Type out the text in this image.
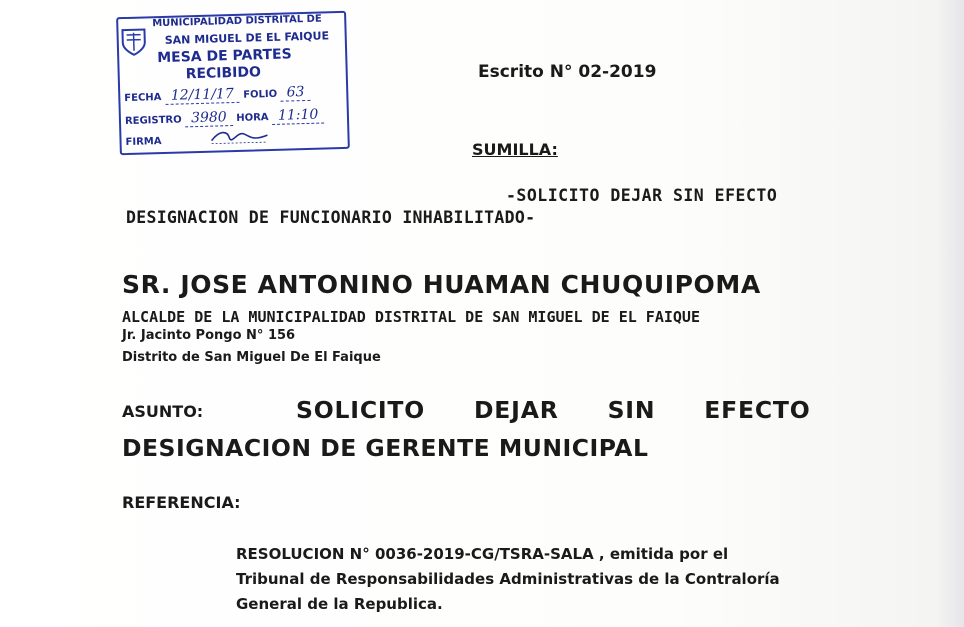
MUNICIPALIDAD DISTRITAL DE
SAN MIGUEL DE EL FAIQUE
MESA DE PARTES
RECIBIDO
FECHA 12/11/17 FOLIO 63
REGISTRO 3980 HORA 11:10
FIRMA
Escrito N° 02-2019
SUMILLA:
-SOLICITO DEJAR SIN EFECTO
DESIGNACION DE FUNCIONARIO INHABILITADO-
SR. JOSE ANTONINO HUAMAN CHUQUIPOMA
ALCALDE DE LA MUNICIPALIDAD DISTRITAL DE SAN MIGUEL DE EL FAIQUE
Jr. Jacinto Pongo N° 156
Distrito de San Miguel De El Faique
ASUNTO:	SOLICITO DEJAR SIN EFECTO
DESIGNACION DE GERENTE MUNICIPAL
REFERENCIA:
RESOLUCION N° 0036-2019-CG/TSRA-SALA , emitida por el
Tribunal de Responsabilidades Administrativas de la Contraloría
General de la Republica.
